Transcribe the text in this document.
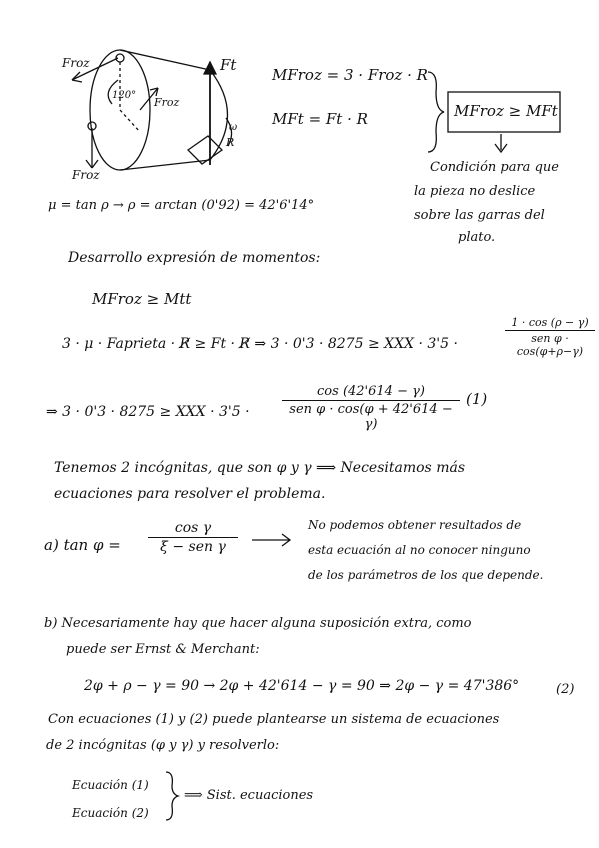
Froz
Froz
Froz
120°
Ft
ω
R
MFroz = 3 · Froz · R
MFt = Ft · R	MFroz ≥ MFt
Condición para que
la pieza no deslice
sobre las garras del
plato.
μ = tan ρ → ρ = arctan (0'92) = 42'6'14°
Desarrollo expresión de momentos:
MFroz ≥ Mtt
3 · μ · Faprieta · R̸ ≥ Ft · R̸ ⇒ 3 · 0'3 · 8275 ≥ XXX · 3'5 ·
1 · cos (ρ − γ)
sen φ · cos(φ+ρ−γ)
⇒ 3 · 0'3 · 8275 ≥ XXX · 3'5 ·
cos (42'614 − γ)
sen φ · cos(φ + 42'614 − γ)
(1)
Tenemos 2 incógnitas, que son φ y γ ⟹ Necesitamos más
ecuaciones para resolver el problema.
a) tan φ =
cos γ
ξ − sen γ
No podemos obtener resultados de
esta ecuación al no conocer ninguno
de los parámetros de los que depende.
b) Necesariamente hay que hacer alguna suposición extra, como
puede ser Ernst & Merchant:
2φ + ρ − γ = 90 → 2φ + 42'614 − γ = 90 ⇒ 2φ − γ = 47'386°	(2)
Con ecuaciones (1) y (2) puede plantearse un sistema de ecuaciones
de 2 incógnitas (φ y γ) y resolverlo:
Ecuación (1)
Ecuación (2)
⟹ Sist. ecuaciones
